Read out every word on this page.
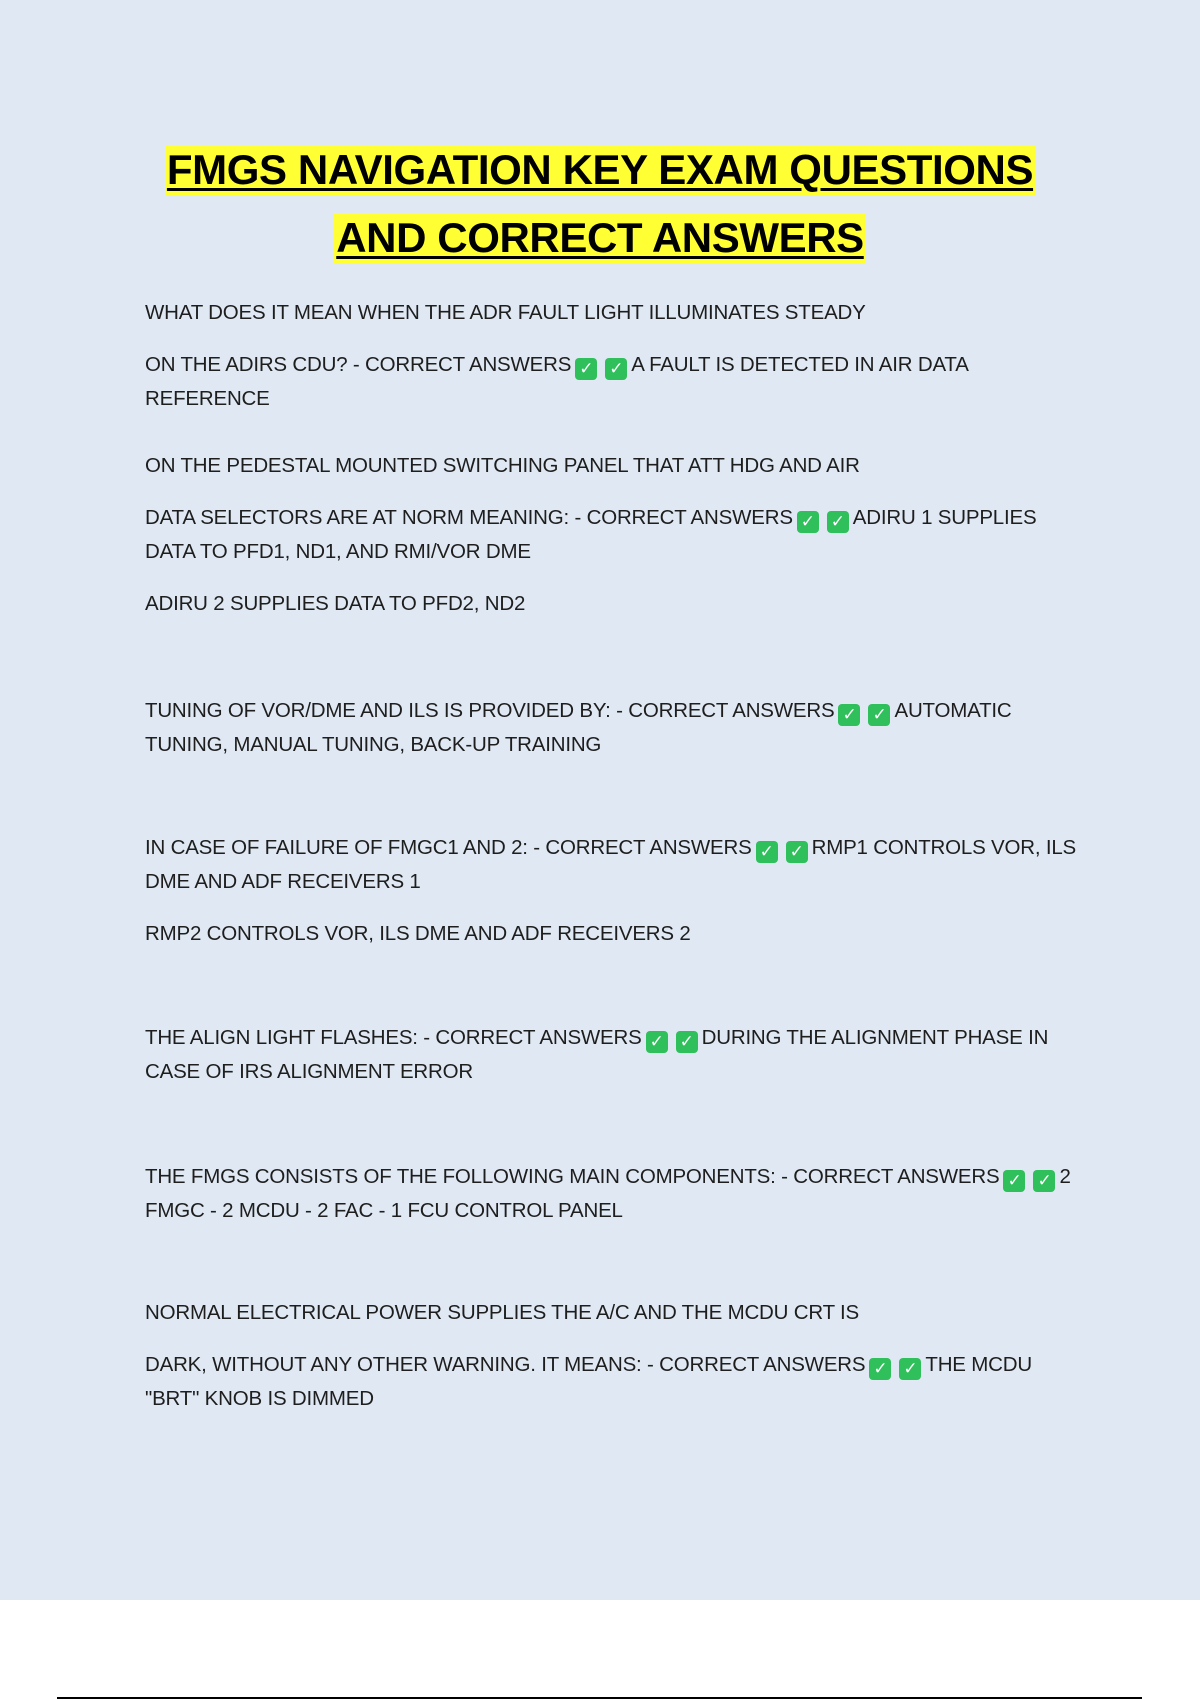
FMGS NAVIGATION KEY EXAM QUESTIONS
AND CORRECT ANSWERS

WHAT DOES IT MEAN WHEN THE ADR FAULT LIGHT ILLUMINATES STEADY

ON THE ADIRS CDU? - CORRECT ANSWERS ✓ ✓ A FAULT IS DETECTED IN AIR DATA REFERENCE

ON THE PEDESTAL MOUNTED SWITCHING PANEL THAT ATT HDG AND AIR

DATA SELECTORS ARE AT NORM MEANING: - CORRECT ANSWERS ✓ ✓ ADIRU 1 SUPPLIES DATA TO PFD1, ND1, AND RMI/VOR DME

ADIRU 2 SUPPLIES DATA TO PFD2, ND2

TUNING OF VOR/DME AND ILS IS PROVIDED BY: - CORRECT ANSWERS ✓ ✓ AUTOMATIC TUNING, MANUAL TUNING, BACK-UP TRAINING

IN CASE OF FAILURE OF FMGC1 AND 2: - CORRECT ANSWERS ✓ ✓ RMP1 CONTROLS VOR, ILS DME AND ADF RECEIVERS 1

RMP2 CONTROLS VOR, ILS DME AND ADF RECEIVERS 2

THE ALIGN LIGHT FLASHES: - CORRECT ANSWERS ✓ ✓ DURING THE ALIGNMENT PHASE IN CASE OF IRS ALIGNMENT ERROR

THE FMGS CONSISTS OF THE FOLLOWING MAIN COMPONENTS: - CORRECT ANSWERS ✓ ✓ 2 FMGC - 2 MCDU - 2 FAC - 1 FCU CONTROL PANEL

NORMAL ELECTRICAL POWER SUPPLIES THE A/C AND THE MCDU CRT IS

DARK, WITHOUT ANY OTHER WARNING. IT MEANS: - CORRECT ANSWERS ✓ ✓ THE MCDU "BRT" KNOB IS DIMMED
